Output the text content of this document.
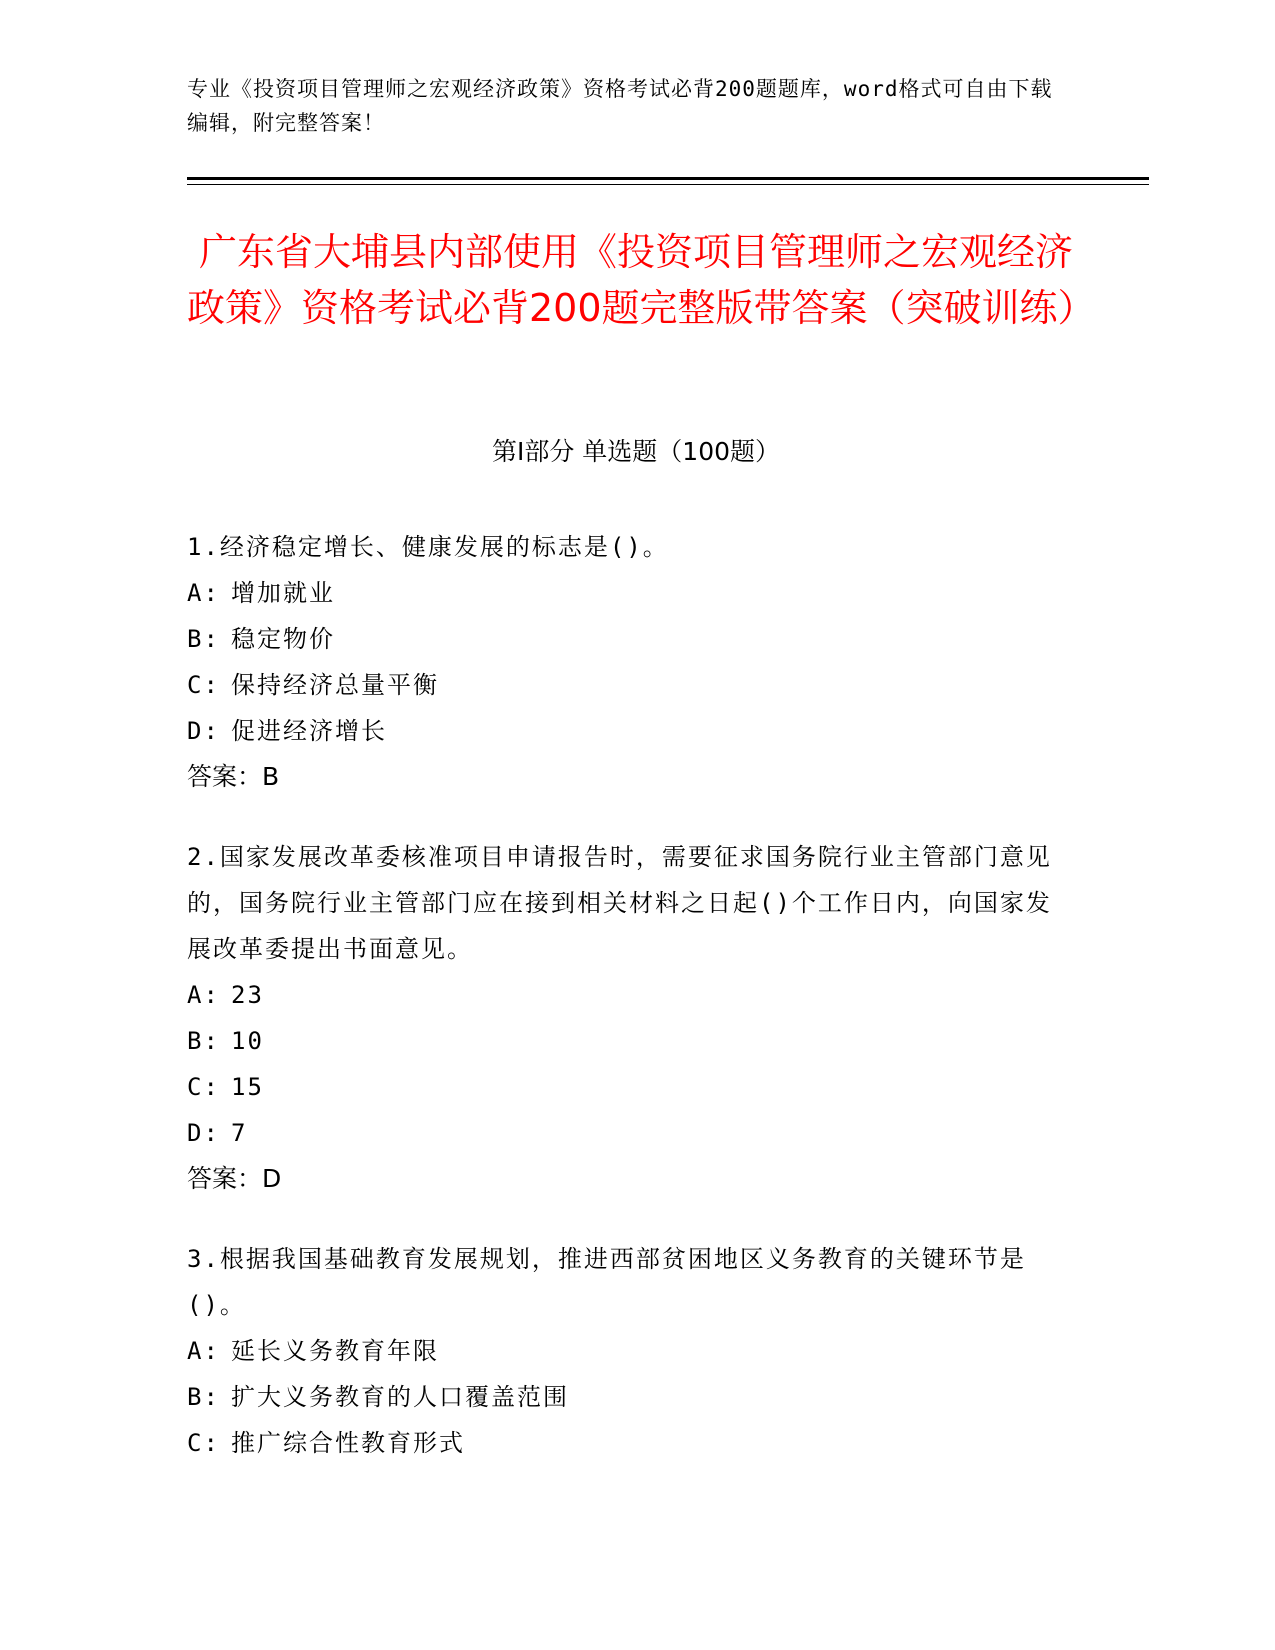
专业《投资项目管理师之宏观经济政策》资格考试必背200题题库，word格式可自由下载编辑，附完整答案！
广东省大埔县内部使用《投资项目管理师之宏观经济政策》资格考试必背200题完整版带答案（突破训练）
第Ⅰ部分 单选题（100题）

1.经济稳定增长、健康发展的标志是()。

A: 增加就业

B: 稳定物价

C: 保持经济总量平衡

D: 促进经济增长

答案：B

2.国家发展改革委核准项目申请报告时，需要征求国务院行业主管部门意见的，国务院行业主管部门应在接到相关材料之日起()个工作日内，向国家发展改革委提出书面意见。

A: 23

B: 10

C: 15

D: 7

答案：D

3.根据我国基础教育发展规划，推进西部贫困地区义务教育的关键环节是()。

A: 延长义务教育年限

B: 扩大义务教育的人口覆盖范围

C: 推广综合性教育形式
